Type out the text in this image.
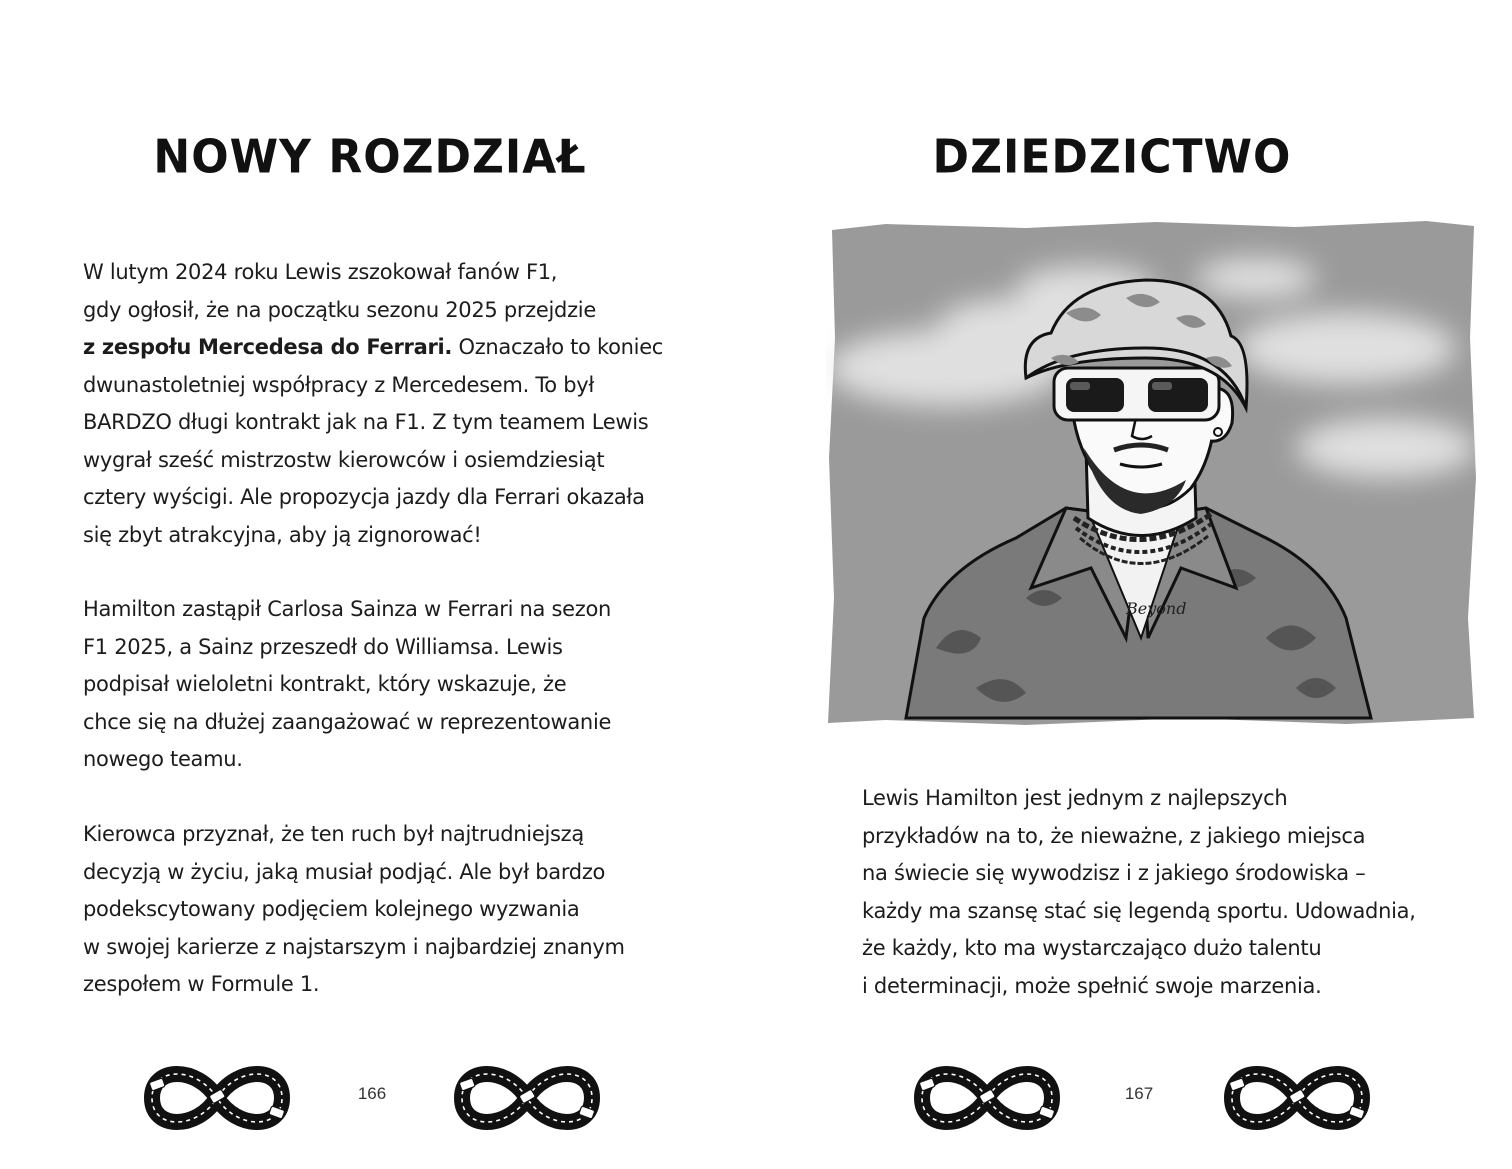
NOWY ROZDZIAŁ

W lutym 2024 roku Lewis zszokował fanów F1,
gdy ogłosił, że na początku sezonu 2025 przejdzie
z zespołu Mercedesa do Ferrari. Oznaczało to koniec
dwunastoletniej współpracy z Mercedesem. To był
BARDZO długi kontrakt jak na F1. Z tym teamem Lewis
wygrał sześć mistrzostw kierowców i osiemdziesiąt
cztery wyścigi. Ale propozycja jazdy dla Ferrari okazała
się zbyt atrakcyjna, aby ją zignorować!

Hamilton zastąpił Carlosa Sainza w Ferrari na sezon
F1 2025, a Sainz przeszedł do Williamsa. Lewis
podpisał wieloletni kontrakt, który wskazuje, że
chce się na dłużej zaangażować w reprezentowanie
nowego teamu.

Kierowca przyznał, że ten ruch był najtrudniejszą
decyzją w życiu, jaką musiał podjąć. Ale był bardzo
podekscytowany podjęciem kolejnego wyzwania
w swojej karierze z najstarszym i najbardziej znanym
zespołem w Formule 1.

166
DZIEDZICTWO

Lewis Hamilton jest jednym z najlepszych
przykładów na to, że nieważne, z jakiego miejsca
na świecie się wywodzisz i z jakiego środowiska –
każdy ma szansę stać się legendą sportu. Udowadnia,
że każdy, kto ma wystarczająco dużo talentu
i determinacji, może spełnić swoje marzenia.

167
Beyond
